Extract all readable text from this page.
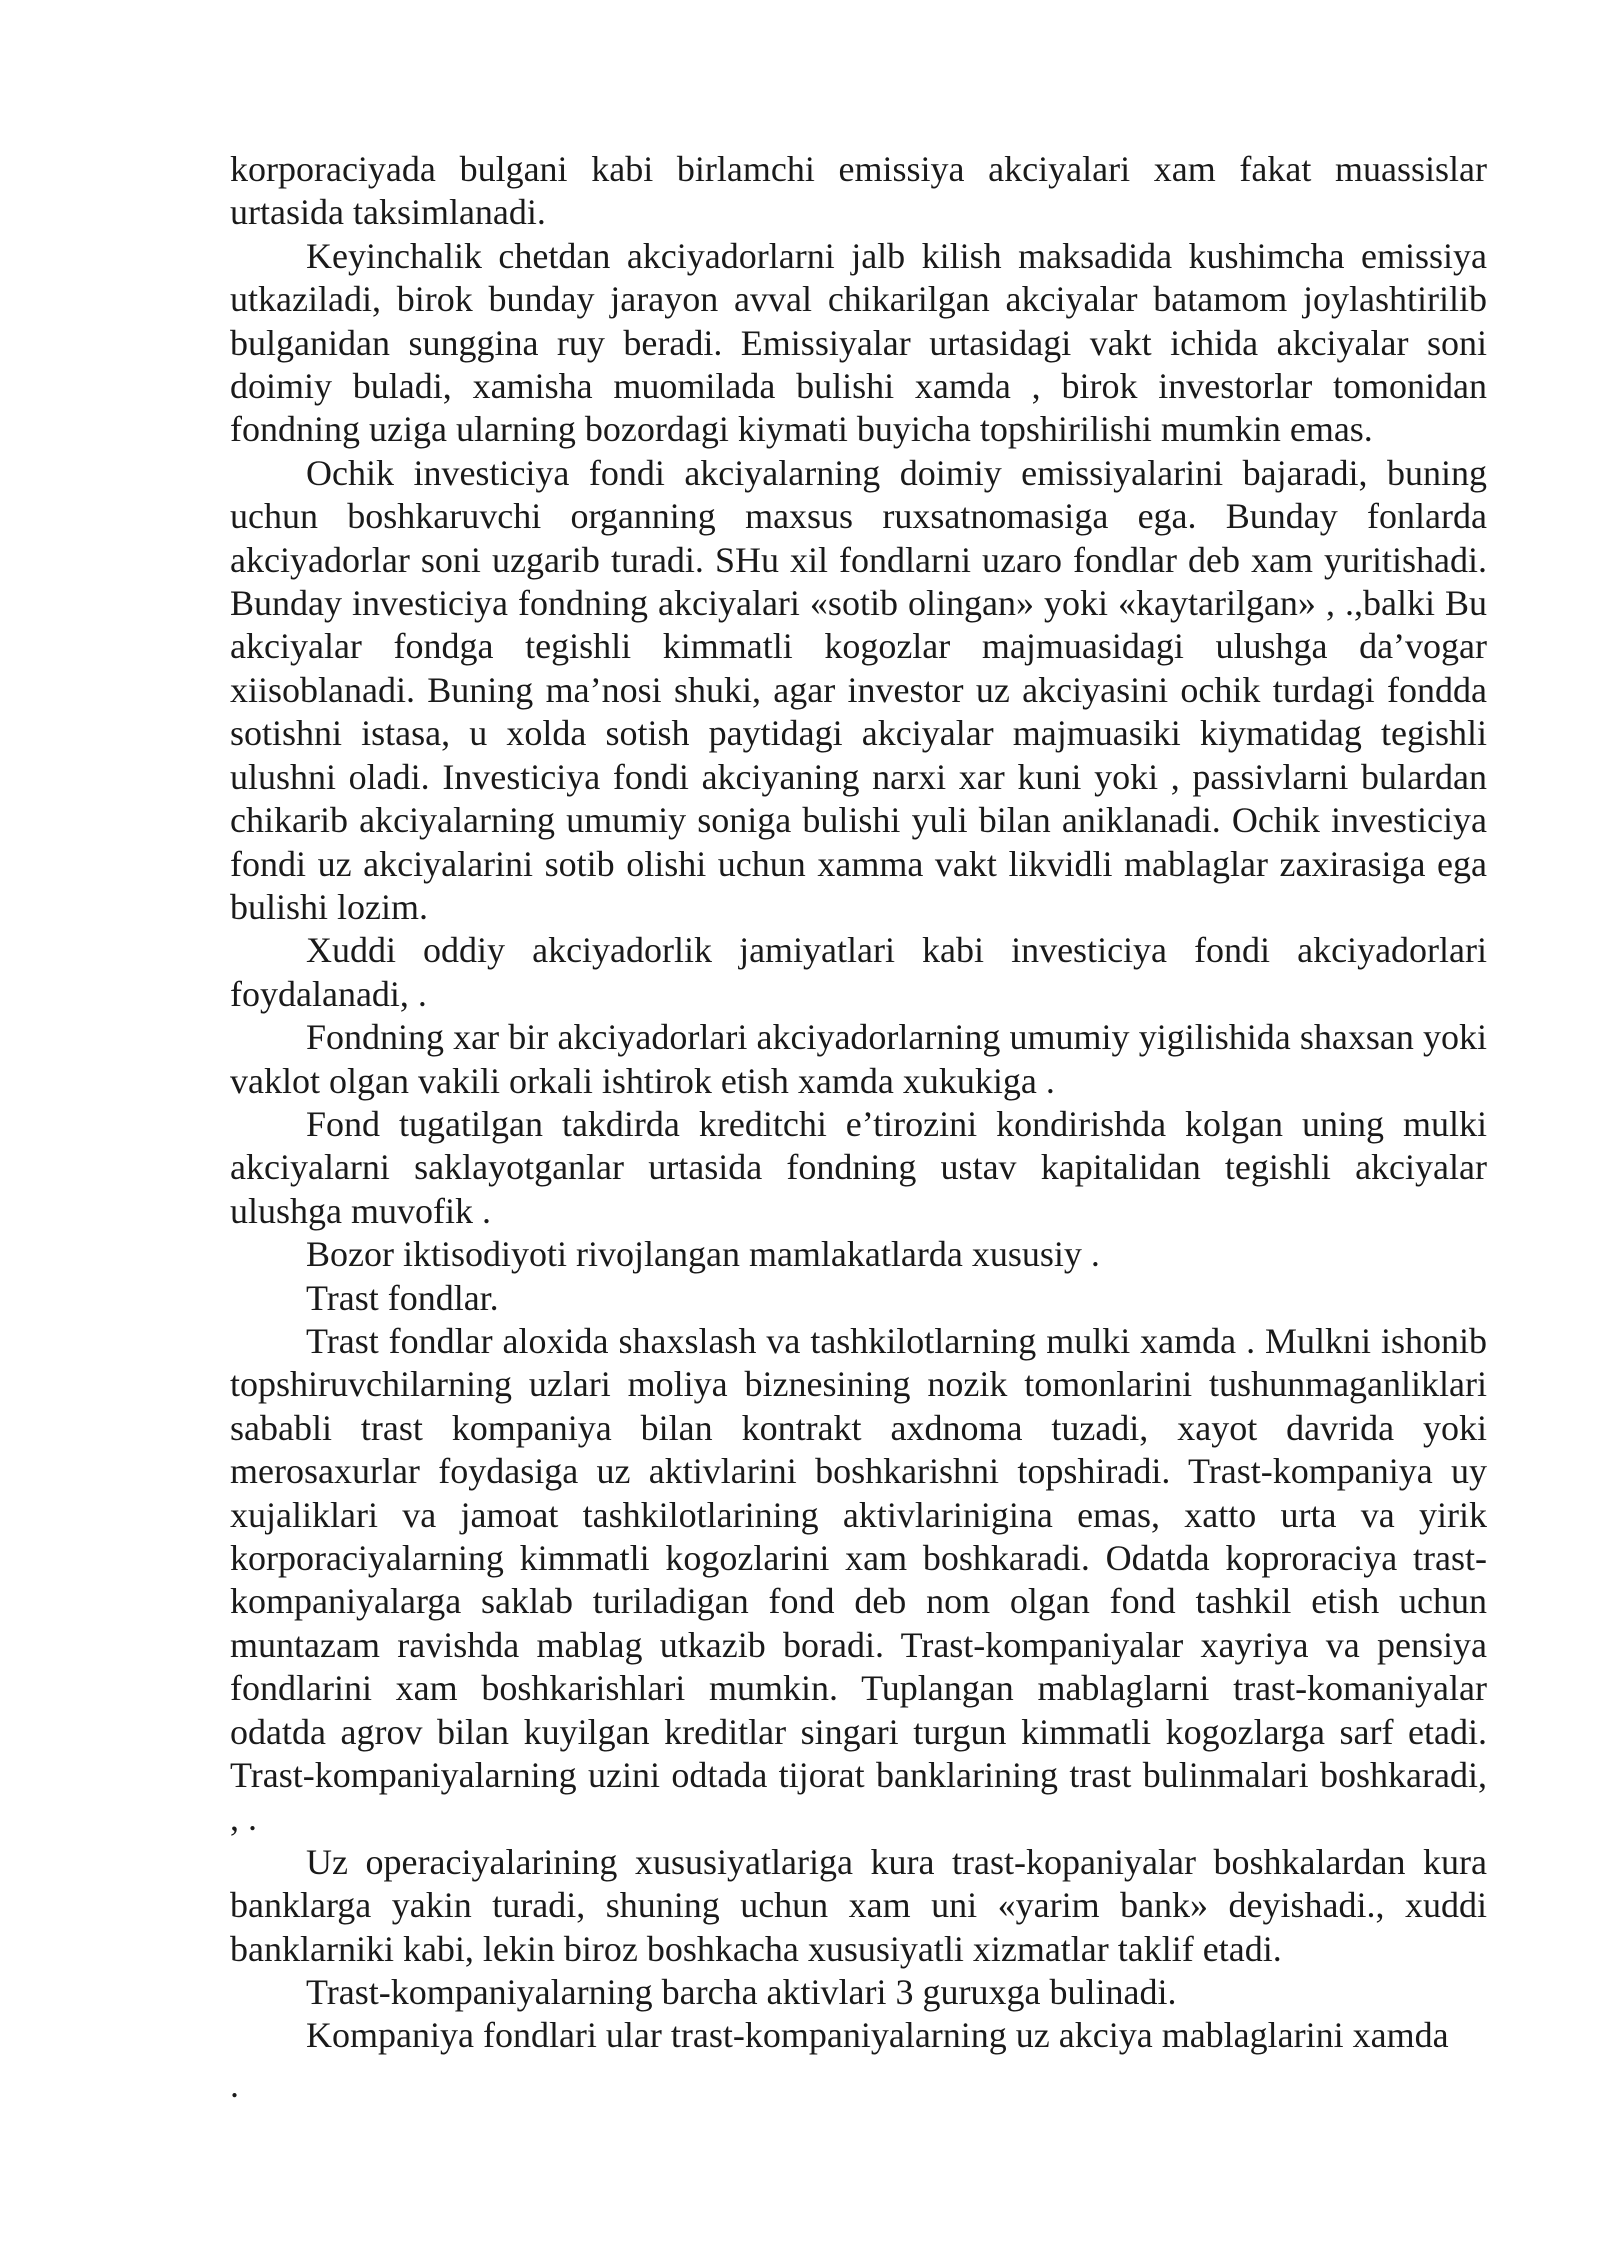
korporaciyada bulgani kabi birlamchi emissiya akciyalari xam fakat muassislar urtasida taksimlanadi.

Keyinchalik chetdan akciyadorlarni jalb kilish maksadida kushimcha emissiya utkaziladi, birok bunday jarayon avval chikarilgan akciyalar batamom joylashtirilib bulganidan sunggina ruy beradi. Emissiyalar urtasidagi vakt ichida akciyalar soni doimiy buladi, xamisha muomilada bulishi xamda , birok investorlar tomonidan fondning uziga ularning bozordagi kiymati buyicha topshirilishi mumkin emas.

Ochik investiciya fondi akciyalarning doimiy emissiyalarini bajaradi, buning uchun boshkaruvchi organning maxsus ruxsatnomasiga ega. Bunday fonlarda akciyadorlar soni uzgarib turadi. SHu xil fondlarni uzaro fondlar deb xam yuritishadi. Bunday investiciya fondning akciyalari «sotib olingan» yoki «kaytarilgan» , .,balki Bu akciyalar fondga tegishli kimmatli kogozlar majmuasidagi ulushga da’vogar xiisoblanadi. Buning ma’nosi shuki, agar investor uz akciyasini ochik turdagi fondda sotishni istasa, u xolda sotish paytidagi akciyalar majmuasiki kiymatidag tegishli ulushni oladi. Investiciya fondi akciyaning narxi xar kuni yoki , passivlarni bulardan chikarib akciyalarning umumiy soniga bulishi yuli bilan aniklanadi. Ochik investiciya fondi uz akciyalarini sotib olishi uchun xamma vakt likvidli mablaglar zaxirasiga ega bulishi lozim.

Xuddi oddiy akciyadorlik jamiyatlari kabi investiciya fondi akciyadorlari foydalanadi, .

Fondning xar bir akciyadorlari akciyadorlarning umumiy yigilishida shaxsan yoki vaklot olgan vakili orkali ishtirok etish xamda xukukiga .

Fond tugatilgan takdirda kreditchi e’tirozini kondirishda kolgan uning mulki akciyalarni saklayotganlar urtasida fondning ustav kapitalidan tegishli akciyalar ulushga muvofik .

Bozor iktisodiyoti rivojlangan mamlakatlarda xususiy .

Trast fondlar.

Trast fondlar aloxida shaxslash va tashkilotlarning mulki xamda . Mulkni ishonib topshiruvchilarning uzlari moliya biznesining nozik tomonlarini tushunmaganliklari sababli trast kompaniya bilan kontrakt axdnoma tuzadi, xayot davrida yoki merosaxurlar foydasiga uz aktivlarini boshkarishni topshiradi. Trast-kompaniya uy xujaliklari va jamoat tashkilotlarining aktivlarinigina emas, xatto urta va yirik korporaciyalarning kimmatli kogozlarini xam boshkaradi. Odatda koproraciya trast-kompaniyalarga saklab turiladigan fond deb nom olgan fond tashkil etish uchun muntazam ravishda mablag utkazib boradi. Trast-kompaniyalar xayriya va pensiya fondlarini xam boshkarishlari mumkin. Tuplangan mablaglarni trast-komaniyalar odatda agrov bilan kuyilgan kreditlar singari turgun kimmatli kogozlarga sarf etadi. Trast-kompaniyalarning uzini odtada tijorat banklarining trast bulinmalari boshkaradi, , .

Uz operaciyalarining xususiyatlariga kura trast-kopaniyalar boshkalardan kura banklarga yakin turadi, shuning uchun xam uni «yarim bank» deyishadi., xuddi banklarniki kabi, lekin biroz boshkacha xususiyatli xizmatlar taklif etadi.

Trast-kompaniyalarning barcha aktivlari 3 guruxga bulinadi.

Kompaniya fondlari ular trast-kompaniyalarning uz akciya mablaglarini xamda

.
